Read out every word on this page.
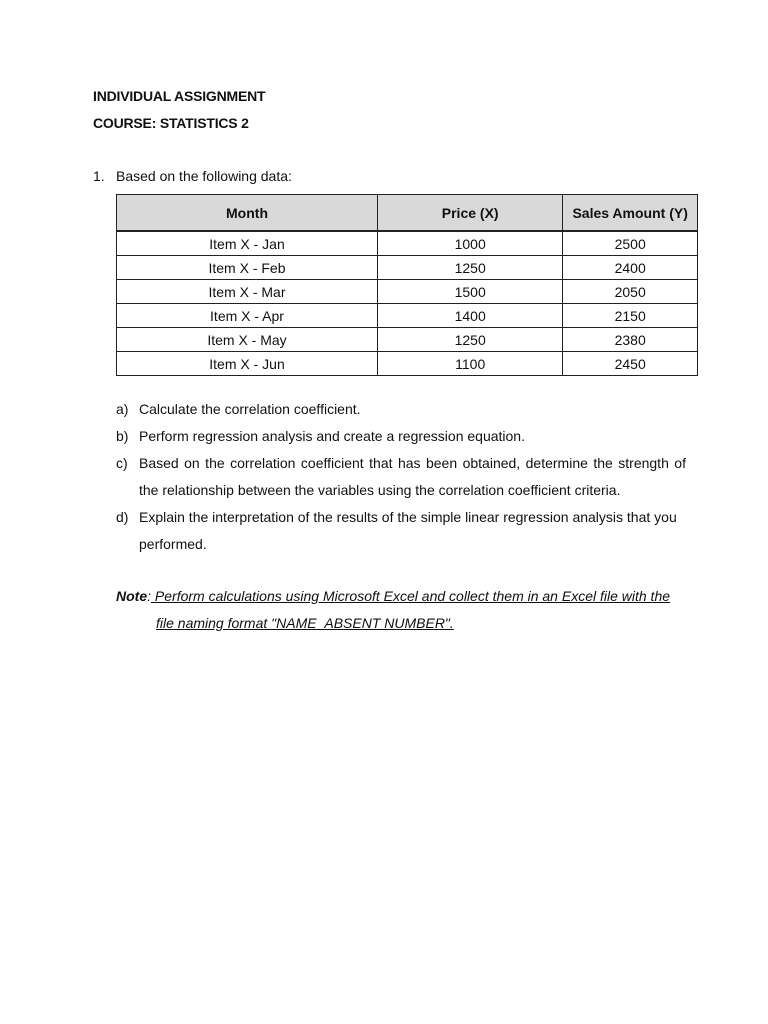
INDIVIDUAL ASSIGNMENT
COURSE: STATISTICS 2
1. Based on the following data:
Month	Price (X)	Sales Amount (Y)
Item X - Jan	1000	2500
Item X - Feb	1250	2400
Item X - Mar	1500	2050
Item X - Apr	1400	2150
Item X - May	1250	2380
Item X - Jun	1100	2450
a) Calculate the correlation coefficient.
b) Perform regression analysis and create a regression equation.
c) Based on the correlation coefficient that has been obtained, determine the strength of the relationship between the variables using the correlation coefficient criteria.
d) Explain the interpretation of the results of the simple linear regression analysis that you performed.
Note: Perform calculations using Microsoft Excel and collect them in an Excel file with the
file naming format "NAME_ABSENT NUMBER".
